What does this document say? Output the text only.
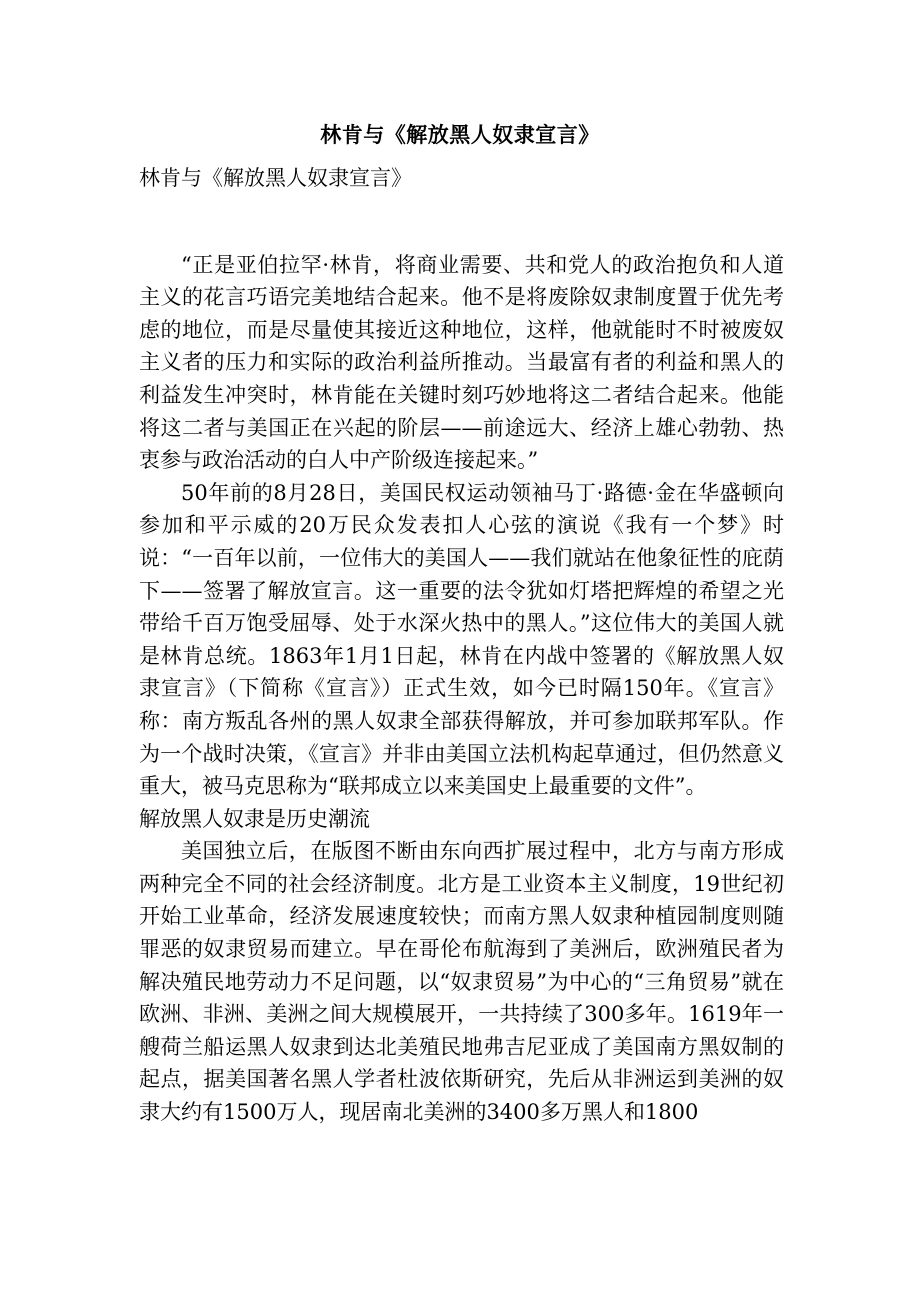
林肯与《解放黑人奴隶宣言》

林肯与《解放黑人奴隶宣言》

“正是亚伯拉罕·林肯，将商业需要、共和党人的政治抱负和人道主义的花言巧语完美地结合起来。他不是将废除奴隶制度置于优先考虑的地位，而是尽量使其接近这种地位，这样，他就能时不时被废奴主义者的压力和实际的政治利益所推动。当最富有者的利益和黑人的利益发生冲突时，林肯能在关键时刻巧妙地将这二者结合起来。他能将这二者与美国正在兴起的阶层——前途远大、经济上雄心勃勃、热衷参与政治活动的白人中产阶级连接起来。”

50年前的8月28日，美国民权运动领袖马丁·路德·金在华盛顿向参加和平示威的20万民众发表扣人心弦的演说《我有一个梦》时说：“一百年以前，一位伟大的美国人——我们就站在他象征性的庇荫下——签署了解放宣言。这一重要的法令犹如灯塔把辉煌的希望之光带给千百万饱受屈辱、处于水深火热中的黑人。”这位伟大的美国人就是林肯总统。1863年1月1日起，林肯在内战中签署的《解放黑人奴隶宣言》（下简称《宣言》）正式生效，如今已时隔150年。《宣言》称：南方叛乱各州的黑人奴隶全部获得解放，并可参加联邦军队。作为一个战时决策，《宣言》并非由美国立法机构起草通过，但仍然意义重大，被马克思称为“联邦成立以来美国史上最重要的文件”。

解放黑人奴隶是历史潮流

美国独立后，在版图不断由东向西扩展过程中，北方与南方形成两种完全不同的社会经济制度。北方是工业资本主义制度，19世纪初开始工业革命，经济发展速度较快；而南方黑人奴隶种植园制度则随罪恶的奴隶贸易而建立。早在哥伦布航海到了美洲后，欧洲殖民者为解决殖民地劳动力不足问题，以“奴隶贸易”为中心的“三角贸易”就在欧洲、非洲、美洲之间大规模展开，一共持续了300多年。1619年一艘荷兰船运黑人奴隶到达北美殖民地弗吉尼亚成了美国南方黑奴制的起点，据美国著名黑人学者杜波依斯研究，先后从非洲运到美洲的奴隶大约有1500万人，现居南北美洲的3400多万黑人和1800
